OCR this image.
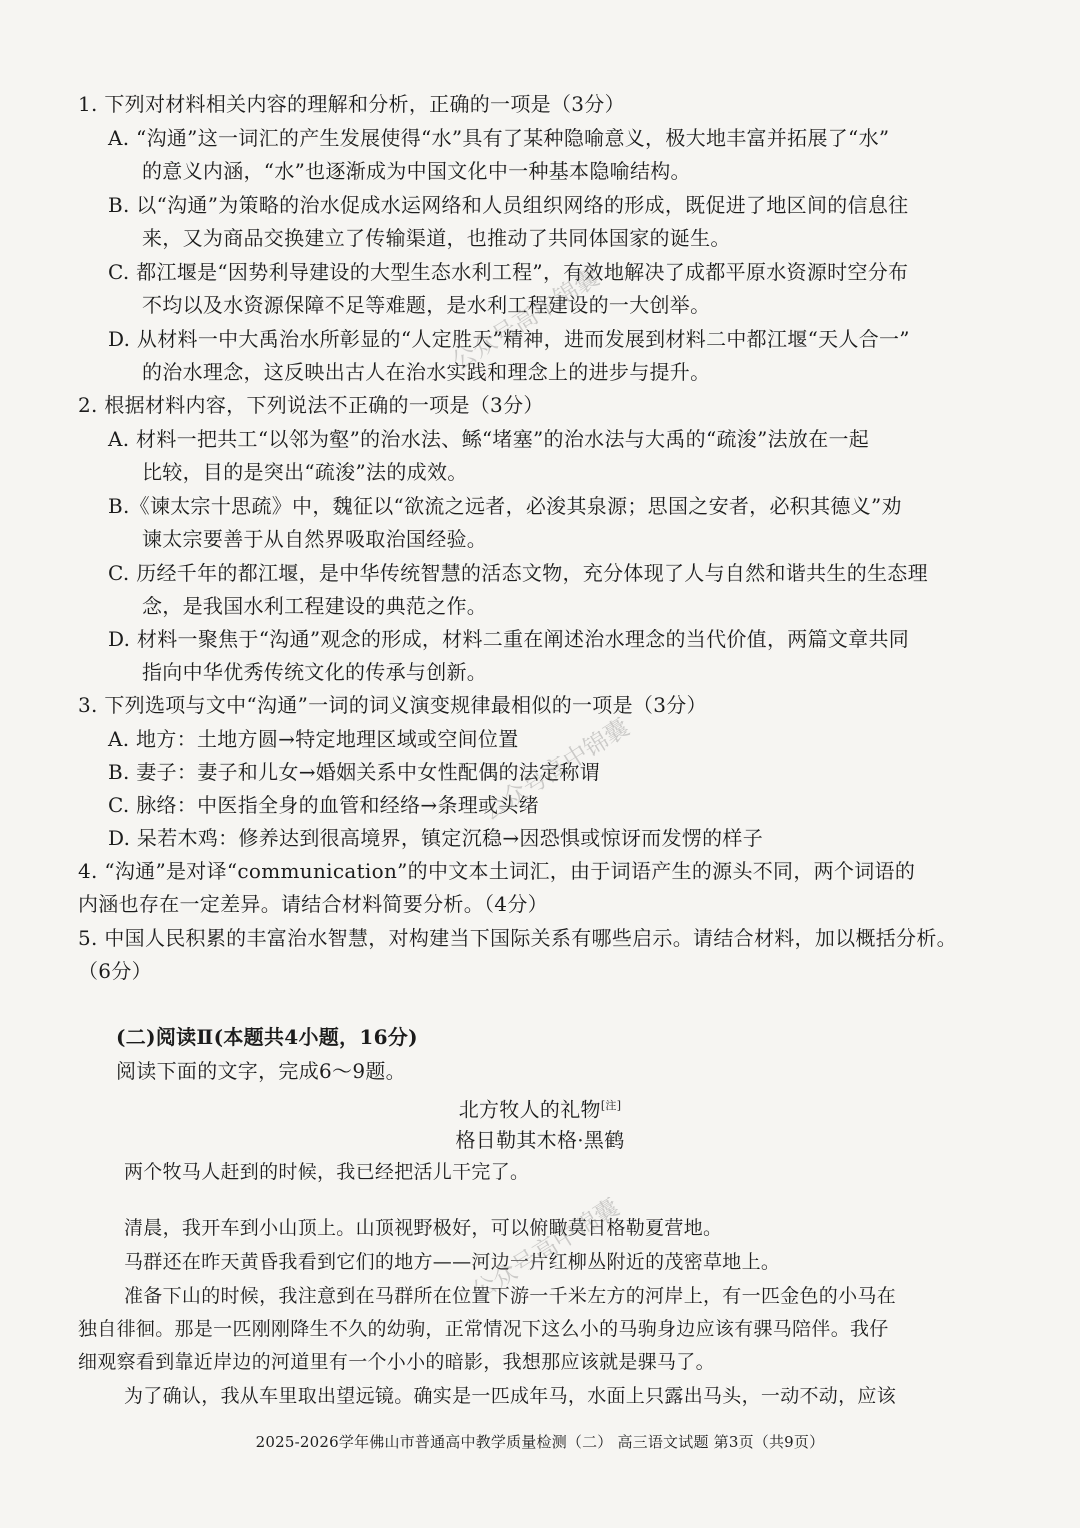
1. 下列对材料相关内容的理解和分析，正确的一项是（3分）
A. “沟通”这一词汇的产生发展使得“水”具有了某种隐喻意义，极大地丰富并拓展了“水”
的意义内涵，“水”也逐渐成为中国文化中一种基本隐喻结构。
B. 以“沟通”为策略的治水促成水运网络和人员组织网络的形成，既促进了地区间的信息往
来，又为商品交换建立了传输渠道，也推动了共同体国家的诞生。
C. 都江堰是“因势利导建设的大型生态水利工程”，有效地解决了成都平原水资源时空分布
不均以及水资源保障不足等难题，是水利工程建设的一大创举。
D. 从材料一中大禹治水所彰显的“人定胜天”精神，进而发展到材料二中都江堰“天人合一”
的治水理念，这反映出古人在治水实践和理念上的进步与提升。
2. 根据材料内容，下列说法不正确的一项是（3分）
A. 材料一把共工“以邻为壑”的治水法、鲧“堵塞”的治水法与大禹的“疏浚”法放在一起
比较，目的是突出“疏浚”法的成效。
B.《谏太宗十思疏》中，魏征以“欲流之远者，必浚其泉源；思国之安者，必积其德义”劝
谏太宗要善于从自然界吸取治国经验。
C. 历经千年的都江堰，是中华传统智慧的活态文物，充分体现了人与自然和谐共生的生态理
念，是我国水利工程建设的典范之作。
D. 材料一聚焦于“沟通”观念的形成，材料二重在阐述治水理念的当代价值，两篇文章共同
指向中华优秀传统文化的传承与创新。
3. 下列选项与文中“沟通”一词的词义演变规律最相似的一项是（3分）
A. 地方：土地方圆→特定地理区域或空间位置
B. 妻子：妻子和儿女→婚姻关系中女性配偶的法定称谓
C. 脉络：中医指全身的血管和经络→条理或头绪
D. 呆若木鸡：修养达到很高境界，镇定沉稳→因恐惧或惊讶而发愣的样子
4. “沟通”是对译“communication”的中文本土词汇，由于词语产生的源头不同，两个词语的
内涵也存在一定差异。请结合材料简要分析。（4分）
5. 中国人民积累的丰富治水智慧，对构建当下国际关系有哪些启示。请结合材料，加以概括分析。
（6分）
(二)阅读Ⅱ(本题共4小题，16分)
阅读下面的文字，完成6～9题。
北方牧人的礼物[注]
格日勒其木格·黑鹤
两个牧马人赶到的时候，我已经把活儿干完了。
清晨，我开车到小山顶上。山顶视野极好，可以俯瞰莫日格勒夏营地。
马群还在昨天黄昏我看到它们的地方——河边一片红柳丛附近的茂密草地上。
准备下山的时候，我注意到在马群所在位置下游一千米左方的河岸上，有一匹金色的小马在
独自徘徊。那是一匹刚刚降生不久的幼驹，正常情况下这么小的马驹身边应该有骒马陪伴。我仔
细观察看到靠近岸边的河道里有一个小小的暗影，我想那应该就是骒马了。
为了确认，我从车里取出望远镜。确实是一匹成年马，水面上只露出马头，一动不动，应该
2025-2026学年佛山市普通高中教学质量检测（二） 高三语文试题 第3页（共9页）
公众号高中锦囊
公众号高中锦囊
公众号高中锦囊
